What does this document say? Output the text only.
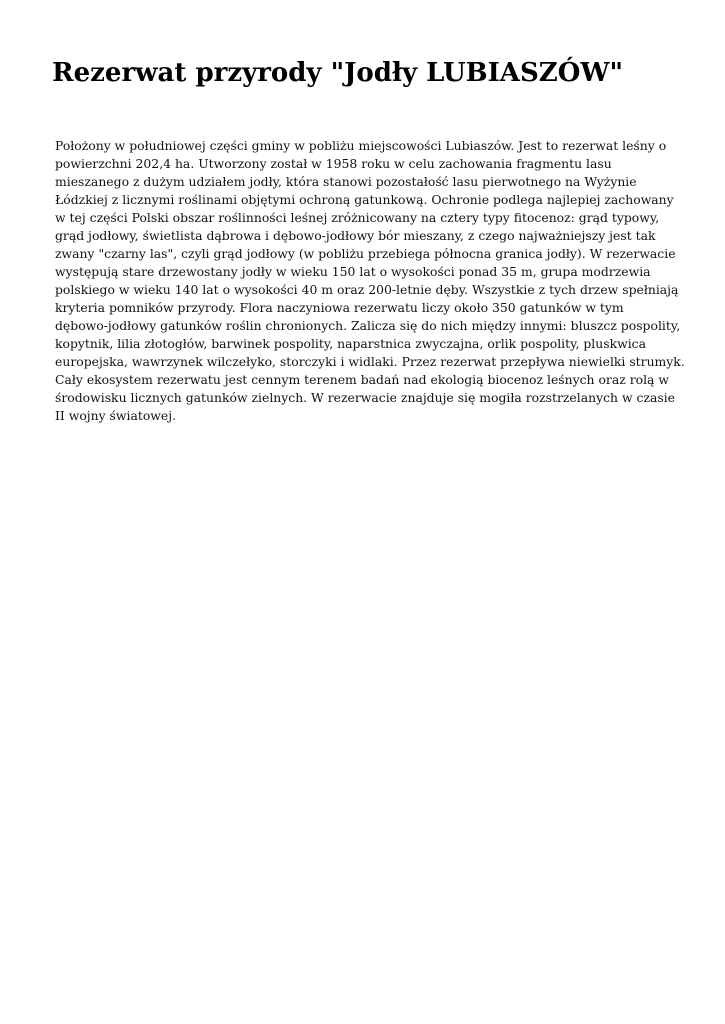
Rezerwat przyrody "Jodły LUBIASZÓW"

Położony w południowej części gminy w pobliżu miejscowości Lubiaszów. Jest to rezerwat leśny o
powierzchni 202,4 ha. Utworzony został w 1958 roku w celu zachowania fragmentu lasu
mieszanego z dużym udziałem jodły, która stanowi pozostałość lasu pierwotnego na Wyżynie
Łódzkiej z licznymi roślinami objętymi ochroną gatunkową. Ochronie podlega najlepiej zachowany
w tej części Polski obszar roślinności leśnej zróżnicowany na cztery typy fitocenoz: grąd typowy,
grąd jodłowy, świetlista dąbrowa i dębowo-jodłowy bór mieszany, z czego najważniejszy jest tak
zwany "czarny las", czyli grąd jodłowy (w pobliżu przebiega północna granica jodły). W rezerwacie
występują stare drzewostany jodły w wieku 150 lat o wysokości ponad 35 m, grupa modrzewia
polskiego w wieku 140 lat o wysokości 40 m oraz 200-letnie dęby. Wszystkie z tych drzew spełniają
kryteria pomników przyrody. Flora naczyniowa rezerwatu liczy około 350 gatunków w tym
dębowo-jodłowy gatunków roślin chronionych. Zalicza się do nich między innymi: bluszcz pospolity,
kopytnik, lilia złotogłów, barwinek pospolity, naparstnica zwyczajna, orlik pospolity, pluskwica
europejska, wawrzynek wilczełyko, storczyki i widlaki. Przez rezerwat przepływa niewielki strumyk.
Cały ekosystem rezerwatu jest cennym terenem badań nad ekologią biocenoz leśnych oraz rolą w
środowisku licznych gatunków zielnych. W rezerwacie znajduje się mogiła rozstrzelanych w czasie
II wojny światowej.
